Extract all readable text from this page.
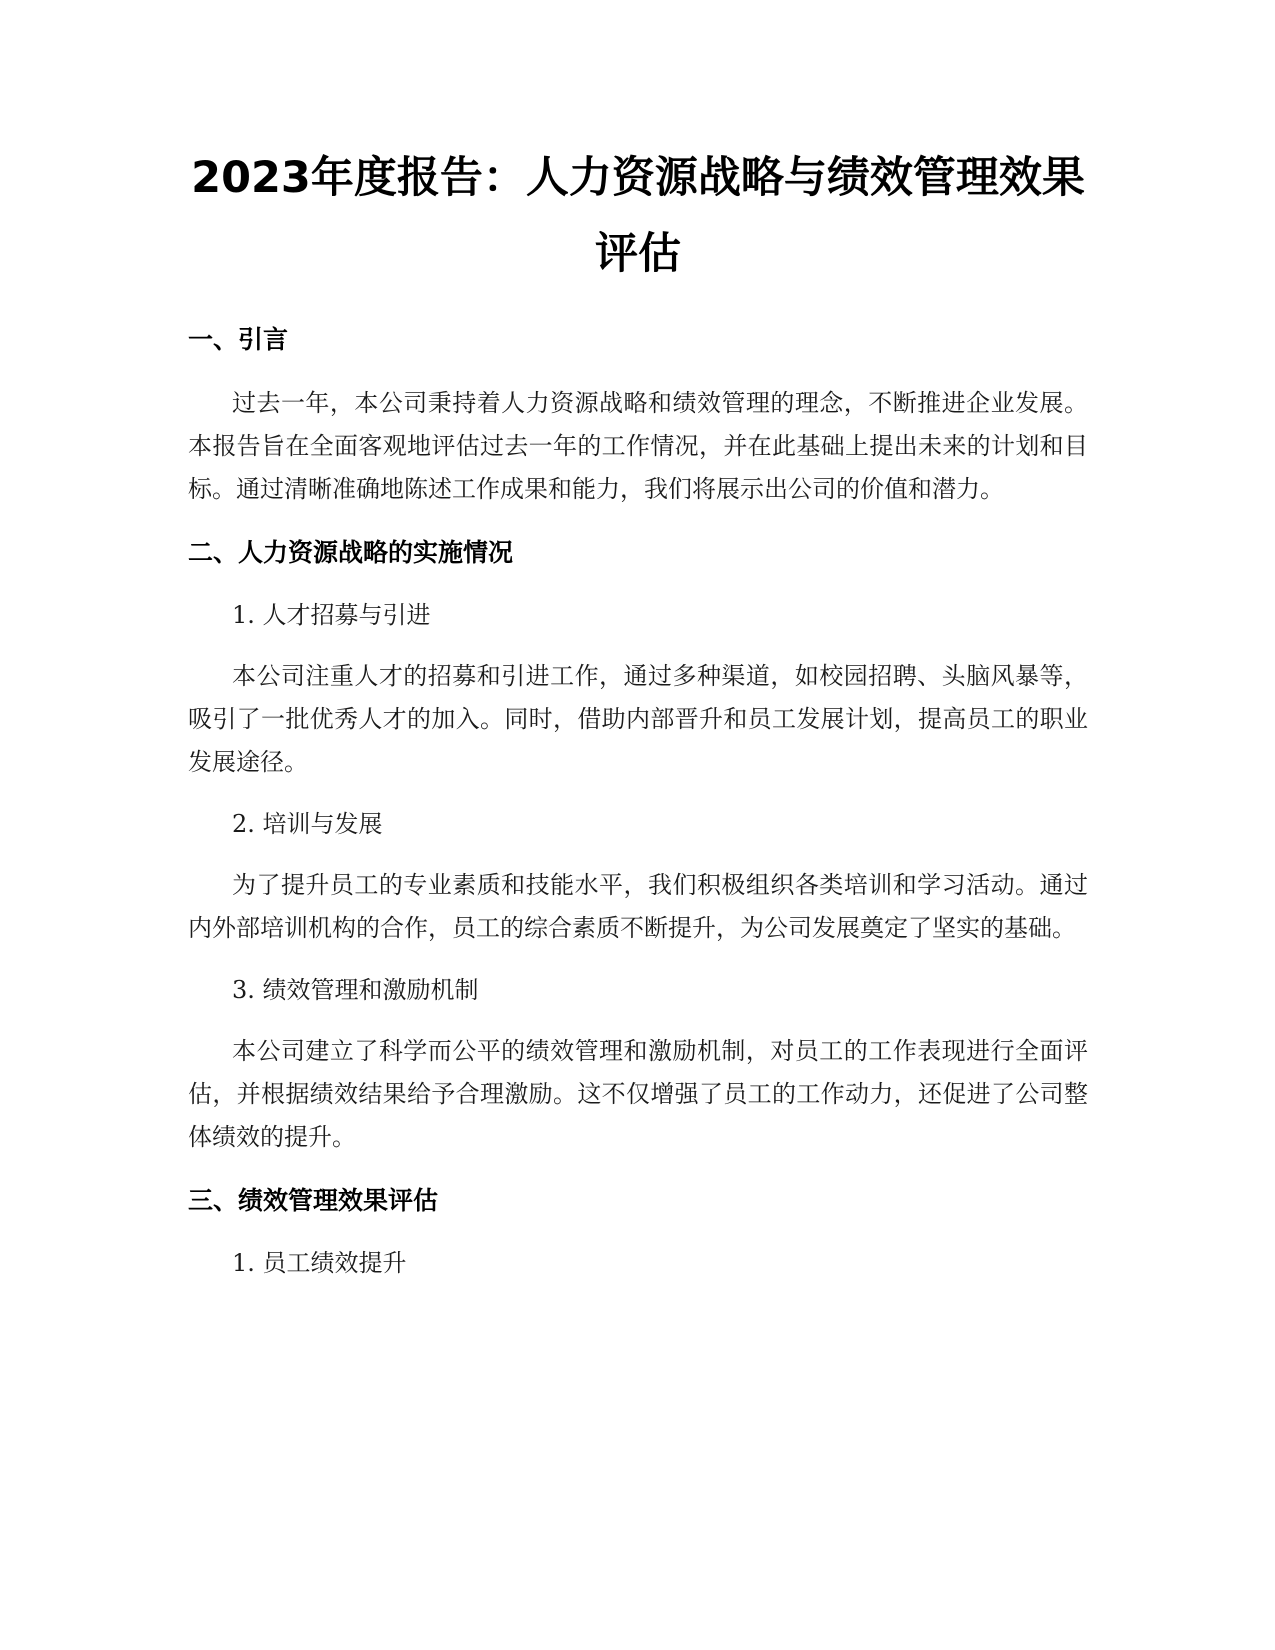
2023年度报告：人力资源战略与绩效管理效果评估
一、引言

过去一年，本公司秉持着人力资源战略和绩效管理的理念，不断推进企业发展。本报告旨在全面客观地评估过去一年的工作情况，并在此基础上提出未来的计划和目标。通过清晰准确地陈述工作成果和能力，我们将展示出公司的价值和潜力。

二、人力资源战略的实施情况
1. 人才招募与引进

本公司注重人才的招募和引进工作，通过多种渠道，如校园招聘、头脑风暴等，吸引了一批优秀人才的加入。同时，借助内部晋升和员工发展计划，提高员工的职业发展途径。

2. 培训与发展

为了提升员工的专业素质和技能水平，我们积极组织各类培训和学习活动。通过内外部培训机构的合作，员工的综合素质不断提升，为公司发展奠定了坚实的基础。

3. 绩效管理和激励机制

本公司建立了科学而公平的绩效管理和激励机制，对员工的工作表现进行全面评估，并根据绩效结果给予合理激励。这不仅增强了员工的工作动力，还促进了公司整体绩效的提升。

三、绩效管理效果评估
1. 员工绩效提升
